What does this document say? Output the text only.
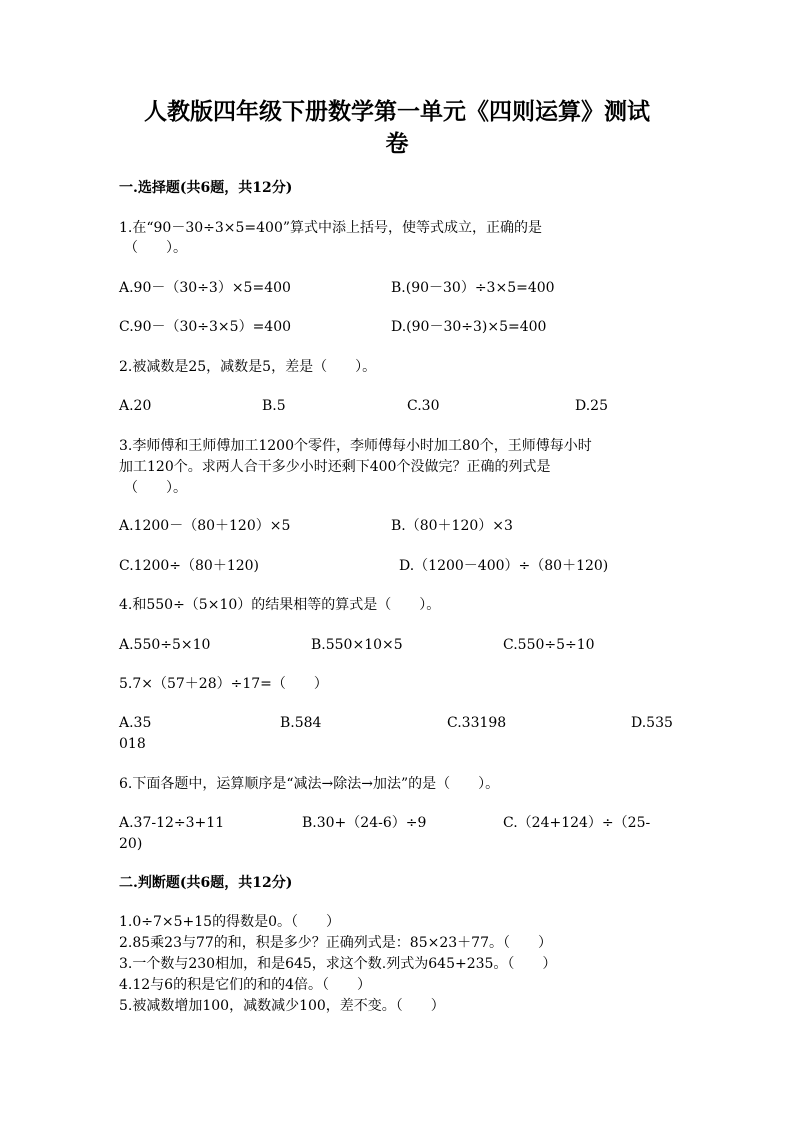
人教版四年级下册数学第一单元《四则运算》测试
卷
一.选择题(共6题，共12分)
1.在“90－30÷3×5=400”算式中添上括号，使等式成立，正确的是
（　　）。
A.90－（30÷3）×5=400	B.(90－30）÷3×5=400
C.90－（30÷3×5）=400	D.(90－30÷3)×5=400
2.被减数是25，减数是5，差是（　　）。
A.20	B.5	C.30	D.25
3.李师傅和王师傅加工1200个零件，李师傅每小时加工80个，王师傅每小时
加工120个。求两人合干多少小时还剩下400个没做完？正确的列式是
（　　）。
A.1200－（80＋120）×5	B.（80＋120）×3
C.1200÷（80＋120)	D.（1200－400）÷（80＋120)
4.和550÷（5×10）的结果相等的算式是（　　）。
A.550÷5×10	B.550×10×5	C.550÷5÷10
5.7×（57＋28）÷17=（　　）
A.35	B.584	C.33198	D.535
018
6.下面各题中，运算顺序是“减法→除法→加法”的是（　　）。
A.37-12÷3+11	B.30+（24-6）÷9	C.（24+124）÷（25-
20)
二.判断题(共6题，共12分)
1.0÷7×5+15的得数是0。（　　）
2.85乘23与77的和，积是多少？正确列式是：85×23＋77。（　　）
3.一个数与230相加，和是645，求这个数.列式为645+235。（　　）
4.12与6的积是它们的和的4倍。（　　）
5.被减数增加100，减数减少100，差不变。（　　）
